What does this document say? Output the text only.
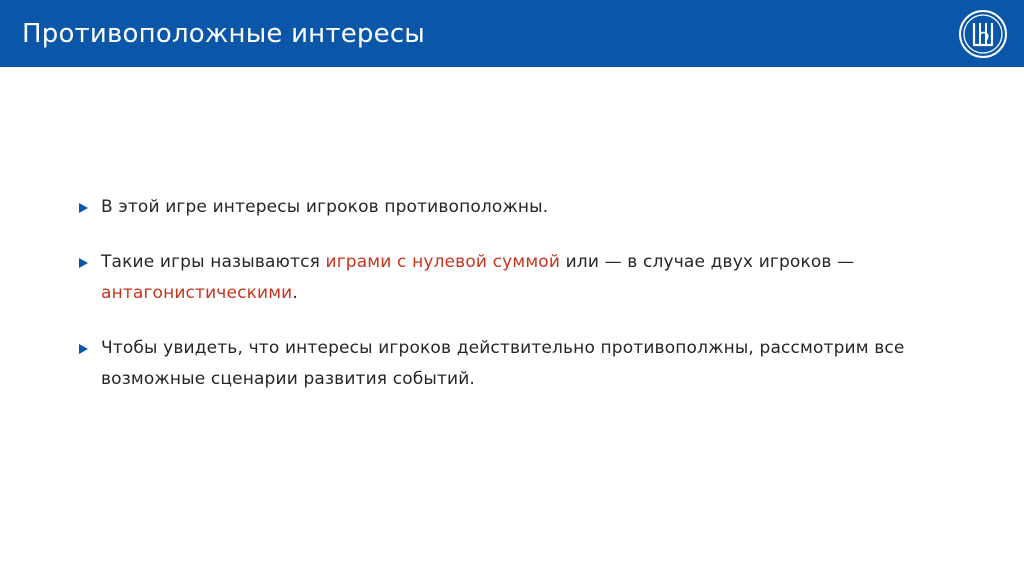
Противоположные интересы
В этой игре интересы игроков противоположны.
Такие игры называются играми с нулевой суммой или — в случае двух игроков — антагонистическими.
Чтобы увидеть, что интересы игроков действительно противополжны, рассмотрим все возможные сценарии развития событий.
